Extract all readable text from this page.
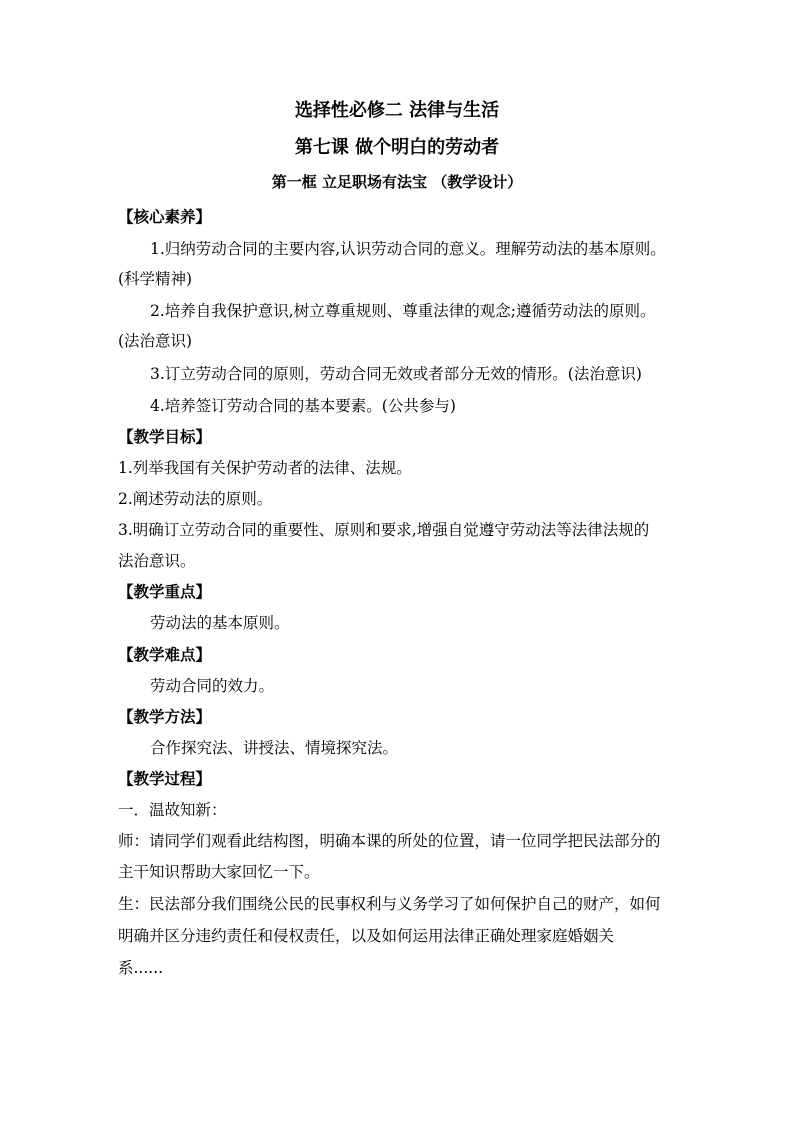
选择性必修二 法律与生活
第七课 做个明白的劳动者
第一框 立足职场有法宝 （教学设计）
【核心素养】
1.归纳劳动合同的主要内容,认识劳动合同的意义。理解劳动法的基本原则。
(科学精神)
2.培养自我保护意识,树立尊重规则、尊重法律的观念;遵循劳动法的原则。
(法治意识)
3.订立劳动合同的原则，劳动合同无效或者部分无效的情形。(法治意识)
4.培养签订劳动合同的基本要素。(公共参与)
【教学目标】
1.列举我国有关保护劳动者的法律、法规。
2.阐述劳动法的原则。
3.明确订立劳动合同的重要性、原则和要求,增强自觉遵守劳动法等法律法规的
法治意识。
【教学重点】
劳动法的基本原则。
【教学难点】
劳动合同的效力。
【教学方法】
合作探究法、讲授法、情境探究法。
【教学过程】
一．温故知新：
师：请同学们观看此结构图，明确本课的所处的位置，请一位同学把民法部分的
主干知识帮助大家回忆一下。
生：民法部分我们围绕公民的民事权利与义务学习了如何保护自己的财产，如何
明确并区分违约责任和侵权责任，以及如何运用法律正确处理家庭婚姻关
系......
